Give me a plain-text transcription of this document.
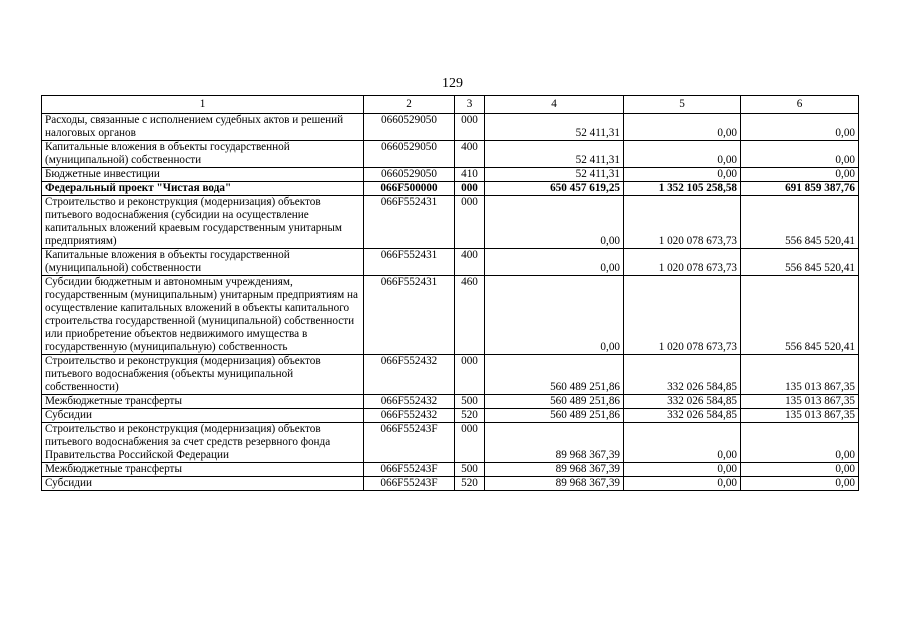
129
1	2	3	4	5	6
Расходы, связанные с исполнением судебных актов и решений налоговых органов	0660529050	000	52 411,31	0,00	0,00
Капитальные вложения в объекты государственной (муниципальной) собственности	0660529050	400	52 411,31	0,00	0,00
Бюджетные инвестиции	0660529050	410	52 411,31	0,00	0,00
Федеральный проект "Чистая вода"	066F500000	000	650 457 619,25	1 352 105 258,58	691 859 387,76
Строительство и реконструкция (модернизация) объектов питьевого водоснабжения (субсидии на осуществление капитальных вложений краевым государственным унитарным предприятиям)	066F552431	000	0,00	1 020 078 673,73	556 845 520,41
Капитальные вложения в объекты государственной (муниципальной) собственности	066F552431	400	0,00	1 020 078 673,73	556 845 520,41
Субсидии бюджетным и автономным учреждениям, государственным (муниципальным) унитарным предприятиям на осуществление капитальных вложений в объекты капитального строительства государственной (муниципальной) собственности или приобретение объектов недвижимого имущества в государственную (муниципальную) собственность	066F552431	460	0,00	1 020 078 673,73	556 845 520,41
Строительство и реконструкция (модернизация) объектов питьевого водоснабжения (объекты муниципальной собственности)	066F552432	000	560 489 251,86	332 026 584,85	135 013 867,35
Межбюджетные трансферты	066F552432	500	560 489 251,86	332 026 584,85	135 013 867,35
Субсидии	066F552432	520	560 489 251,86	332 026 584,85	135 013 867,35
Строительство и реконструкция (модернизация) объектов питьевого водоснабжения за счет средств резервного фонда Правительства Российской Федерации	066F55243F	000	89 968 367,39	0,00	0,00
Межбюджетные трансферты	066F55243F	500	89 968 367,39	0,00	0,00
Субсидии	066F55243F	520	89 968 367,39	0,00	0,00
